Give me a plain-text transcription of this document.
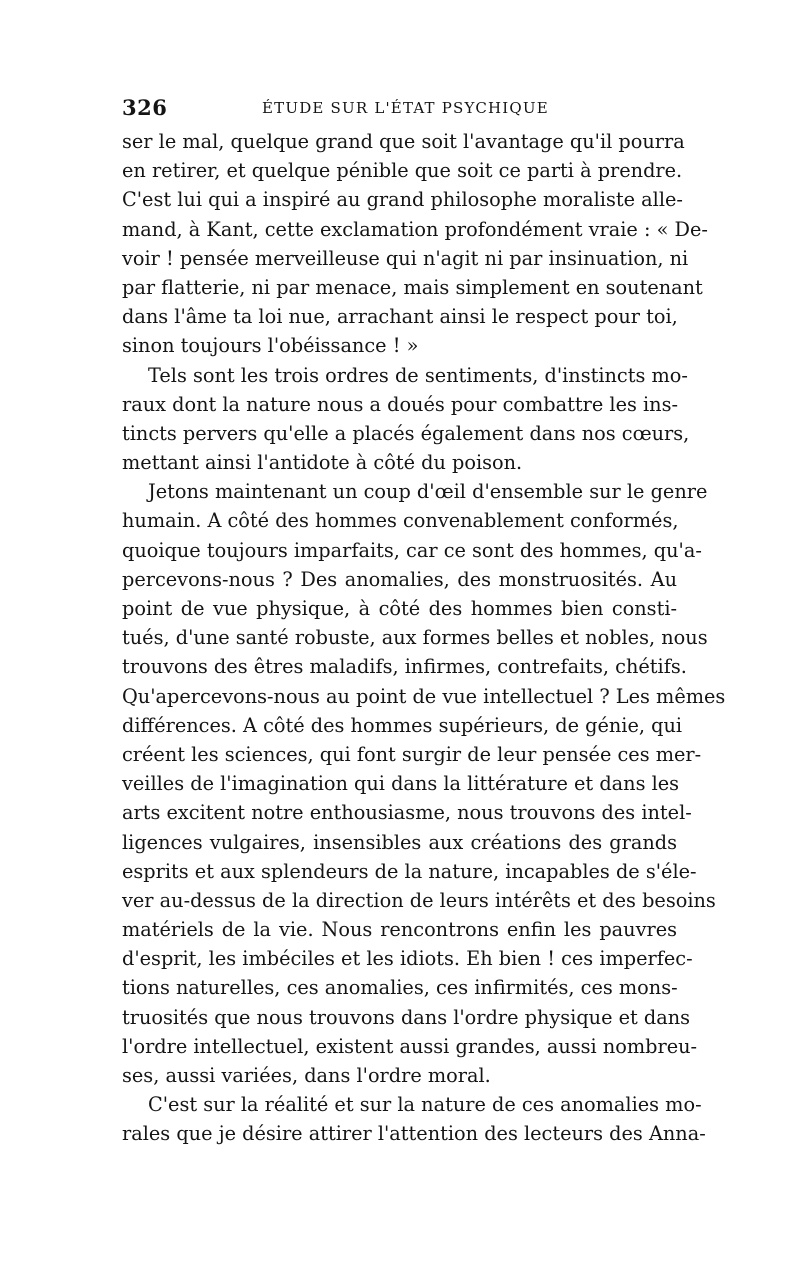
326	ÉTUDE SUR L'ÉTAT PSYCHIQUE
ser le mal, quelque grand que soit l'avantage qu'il pourra
en retirer, et quelque pénible que soit ce parti à prendre.
C'est lui qui a inspiré au grand philosophe moraliste alle-
mand, à Kant, cette exclamation profondément vraie : « De-
voir ! pensée merveilleuse qui n'agit ni par insinuation, ni
par flatterie, ni par menace, mais simplement en soutenant
dans l'âme ta loi nue, arrachant ainsi le respect pour toi,
sinon toujours l'obéissance ! »
Tels sont les trois ordres de sentiments, d'instincts mo-
raux dont la nature nous a doués pour combattre les ins-
tincts pervers qu'elle a placés également dans nos cœurs,
mettant ainsi l'antidote à côté du poison.
Jetons maintenant un coup d'œil d'ensemble sur le genre
humain. A côté des hommes convenablement conformés,
quoique toujours imparfaits, car ce sont des hommes, qu'a-
percevons-nous ? Des anomalies, des monstruosités. Au
point de vue physique, à côté des hommes bien consti-
tués, d'une santé robuste, aux formes belles et nobles, nous
trouvons des êtres maladifs, infirmes, contrefaits, chétifs.
Qu'apercevons-nous au point de vue intellectuel ? Les mêmes
différences. A côté des hommes supérieurs, de génie, qui
créent les sciences, qui font surgir de leur pensée ces mer-
veilles de l'imagination qui dans la littérature et dans les
arts excitent notre enthousiasme, nous trouvons des intel-
ligences vulgaires, insensibles aux créations des grands
esprits et aux splendeurs de la nature, incapables de s'éle-
ver au-dessus de la direction de leurs intérêts et des besoins
matériels de la vie. Nous rencontrons enfin les pauvres
d'esprit, les imbéciles et les idiots. Eh bien ! ces imperfec-
tions naturelles, ces anomalies, ces infirmités, ces mons-
truosités que nous trouvons dans l'ordre physique et dans
l'ordre intellectuel, existent aussi grandes, aussi nombreu-
ses, aussi variées, dans l'ordre moral.
C'est sur la réalité et sur la nature de ces anomalies mo-
rales que je désire attirer l'attention des lecteurs des Anna-
